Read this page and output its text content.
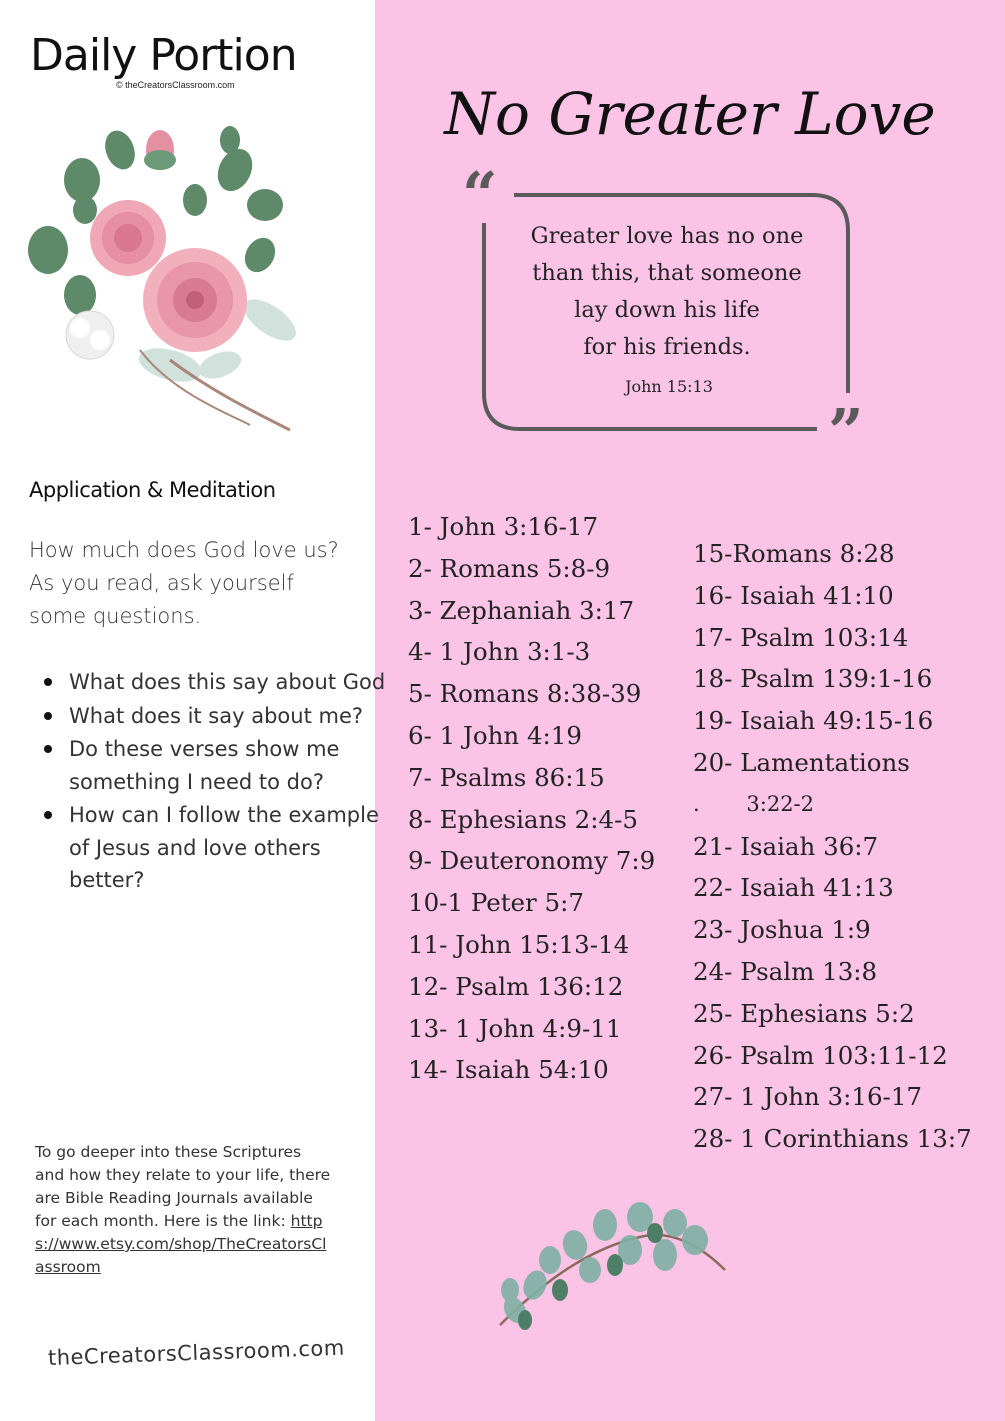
Daily Portion
© theCreatorsClassroom.com
Application & Meditation
How much does God love us? As you read, ask yourself some questions.
What does this say about God
What does it say about me?
Do these verses show me something I need to do?
How can I follow the example of Jesus and love others better?
To go deeper into these Scriptures and how they relate to your life, there are Bible Reading Journals available for each month. Here is the link: https://www.etsy.com/shop/TheCreatorsClassroom
theCreatorsClassroom.com
No Greater Love
“
”
Greater love has no one
than this, that someone
lay down his life
for his friends.
John 15:13
1- John 3:16-17
2- Romans 5:8-9
3- Zephaniah 3:17
4- 1 John 3:1-3
5- Romans 8:38-39
6- 1 John 4:19
7- Psalms 86:15
8- Ephesians 2:4-5
9- Deuteronomy 7:9
10-1 Peter 5:7
11- John 15:13-14
12- Psalm 136:12
13- 1 John 4:9-11
14- Isaiah 54:10
15-Romans 8:28
16- Isaiah 41:10
17- Psalm 103:14
18- Psalm 139:1-16
19- Isaiah 49:15-16
20- Lamentations
.       3:22-2
21- Isaiah 36:7
22- Isaiah 41:13
23- Joshua 1:9
24- Psalm 13:8
25- Ephesians 5:2
26- Psalm 103:11-12
27- 1 John 3:16-17
28- 1 Corinthians 13:7
